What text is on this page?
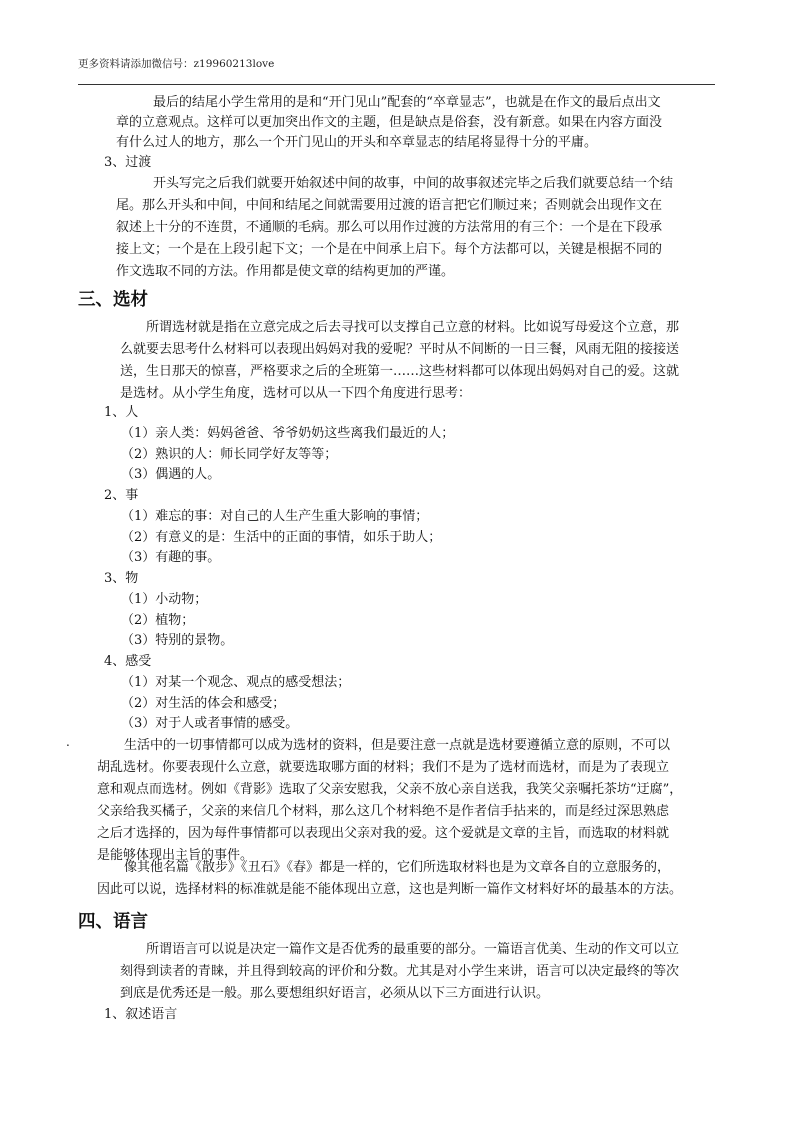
更多资料请添加微信号：z19960213love
最后的结尾小学生常用的是和“开门见山”配套的“卒章显志”，也就是在作文的最后点出文
章的立意观点。这样可以更加突出作文的主题，但是缺点是俗套，没有新意。如果在内容方面没
有什么过人的地方，那么一个开门见山的开头和卒章显志的结尾将显得十分的平庸。
3、过渡
开头写完之后我们就要开始叙述中间的故事，中间的故事叙述完毕之后我们就要总结一个结
尾。那么开头和中间，中间和结尾之间就需要用过渡的语言把它们顺过来；否则就会出现作文在
叙述上十分的不连贯，不通顺的毛病。那么可以用作过渡的方法常用的有三个：一个是在下段承
接上文；一个是在上段引起下文；一个是在中间承上启下。每个方法都可以，关键是根据不同的
作文选取不同的方法。作用都是使文章的结构更加的严谨。
三、选材
所谓选材就是指在立意完成之后去寻找可以支撑自己立意的材料。比如说写母爱这个立意，那
么就要去思考什么材料可以表现出妈妈对我的爱呢？平时从不间断的一日三餐，风雨无阻的接接送
送，生日那天的惊喜，严格要求之后的全班第一……这些材料都可以体现出妈妈对自己的爱。这就
是选材。从小学生角度，选材可以从一下四个角度进行思考：
1、人
（1）亲人类：妈妈爸爸、爷爷奶奶这些离我们最近的人；
（2）熟识的人：师长同学好友等等；
（3）偶遇的人。
2、事
（1）难忘的事：对自己的人生产生重大影响的事情；
（2）有意义的是：生活中的正面的事情，如乐于助人；
（3）有趣的事。
3、物
（1）小动物；
（2）植物；
（3）特别的景物。
4、感受
（1）对某一个观念、观点的感受想法；
（2）对生活的体会和感受；
（3）对于人或者事情的感受。
.	生活中的一切事情都可以成为选材的资料，但是要注意一点就是选材要遵循立意的原则，不可以
胡乱选材。你要表现什么立意，就要选取哪方面的材料；我们不是为了选材而选材，而是为了表现立
意和观点而选材。例如《背影》选取了父亲安慰我，父亲不放心亲自送我，我笑父亲嘱托茶坊“迂腐”，
父亲给我买橘子，父亲的来信几个材料，那么这几个材料绝不是作者信手拈来的，而是经过深思熟虑
之后才选择的，因为每件事情都可以表现出父亲对我的爱。这个爱就是文章的主旨，而选取的材料就
是能够体现出主旨的事件。
像其他名篇《散步》《丑石》《春》都是一样的，它们所选取材料也是为文章各自的立意服务的，
因此可以说，选择材料的标准就是能不能体现出立意，这也是判断一篇作文材料好坏的最基本的方法。
四、语言
所谓语言可以说是决定一篇作文是否优秀的最重要的部分。一篇语言优美、生动的作文可以立
刻得到读者的青睐，并且得到较高的评价和分数。尤其是对小学生来讲，语言可以决定最终的等次
到底是优秀还是一般。那么要想组织好语言，必须从以下三方面进行认识。
1、叙述语言
